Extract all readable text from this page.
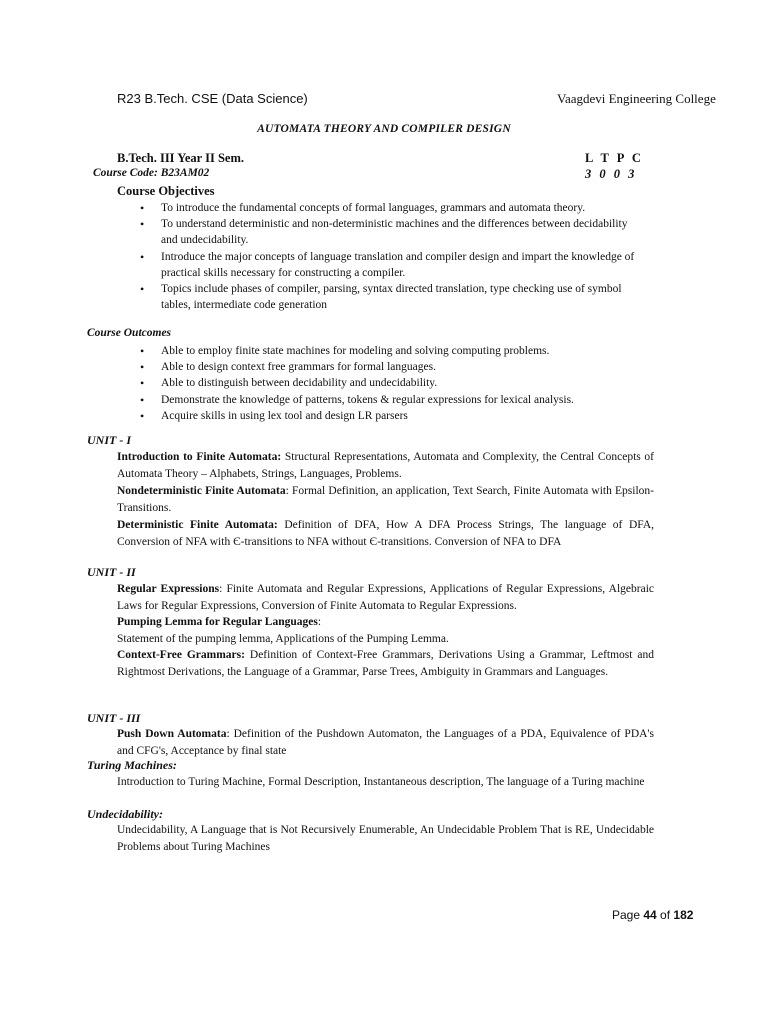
R23 B.Tech. CSE (Data Science)	Vaagdevi Engineering College
AUTOMATA THEORY AND COMPILER DESIGN
B.Tech. III Year II Sem.	L T P C
Course Code: B23AM02	3 0 0 3
Course Objectives
• To introduce the fundamental concepts of formal languages, grammars and automata theory.
• To understand deterministic and non-deterministic machines and the differences between decidability and undecidability.
• Introduce the major concepts of language translation and compiler design and impart the knowledge of practical skills necessary for constructing a compiler.
• Topics include phases of compiler, parsing, syntax directed translation, type checking use of symbol tables, intermediate code generation
Course Outcomes
• Able to employ finite state machines for modeling and solving computing problems.
• Able to design context free grammars for formal languages.
• Able to distinguish between decidability and undecidability.
• Demonstrate the knowledge of patterns, tokens & regular expressions for lexical analysis.
• Acquire skills in using lex tool and design LR parsers
UNIT - I
Introduction to Finite Automata: Structural Representations, Automata and Complexity, the Central Concepts of Automata Theory – Alphabets, Strings, Languages, Problems.
Nondeterministic Finite Automata: Formal Definition, an application, Text Search, Finite Automata with Epsilon-Transitions.
Deterministic Finite Automata: Definition of DFA, How A DFA Process Strings, The language of DFA, Conversion of NFA with Є-transitions to NFA without Є-transitions. Conversion of NFA to DFA
UNIT - II
Regular Expressions: Finite Automata and Regular Expressions, Applications of Regular Expressions, Algebraic Laws for Regular Expressions, Conversion of Finite Automata to Regular Expressions.
Pumping Lemma for Regular Languages:
Statement of the pumping lemma, Applications of the Pumping Lemma.
Context-Free Grammars: Definition of Context-Free Grammars, Derivations Using a Grammar, Leftmost and Rightmost Derivations, the Language of a Grammar, Parse Trees, Ambiguity in Grammars and Languages.
UNIT - III
Push Down Automata: Definition of the Pushdown Automaton, the Languages of a PDA, Equivalence of PDA's and CFG's, Acceptance by final state
Turing Machines:
Introduction to Turing Machine, Formal Description, Instantaneous description, The language of a Turing machine
Undecidability:
Undecidability, A Language that is Not Recursively Enumerable, An Undecidable Problem That is RE, Undecidable Problems about Turing Machines
Page 44 of 182
